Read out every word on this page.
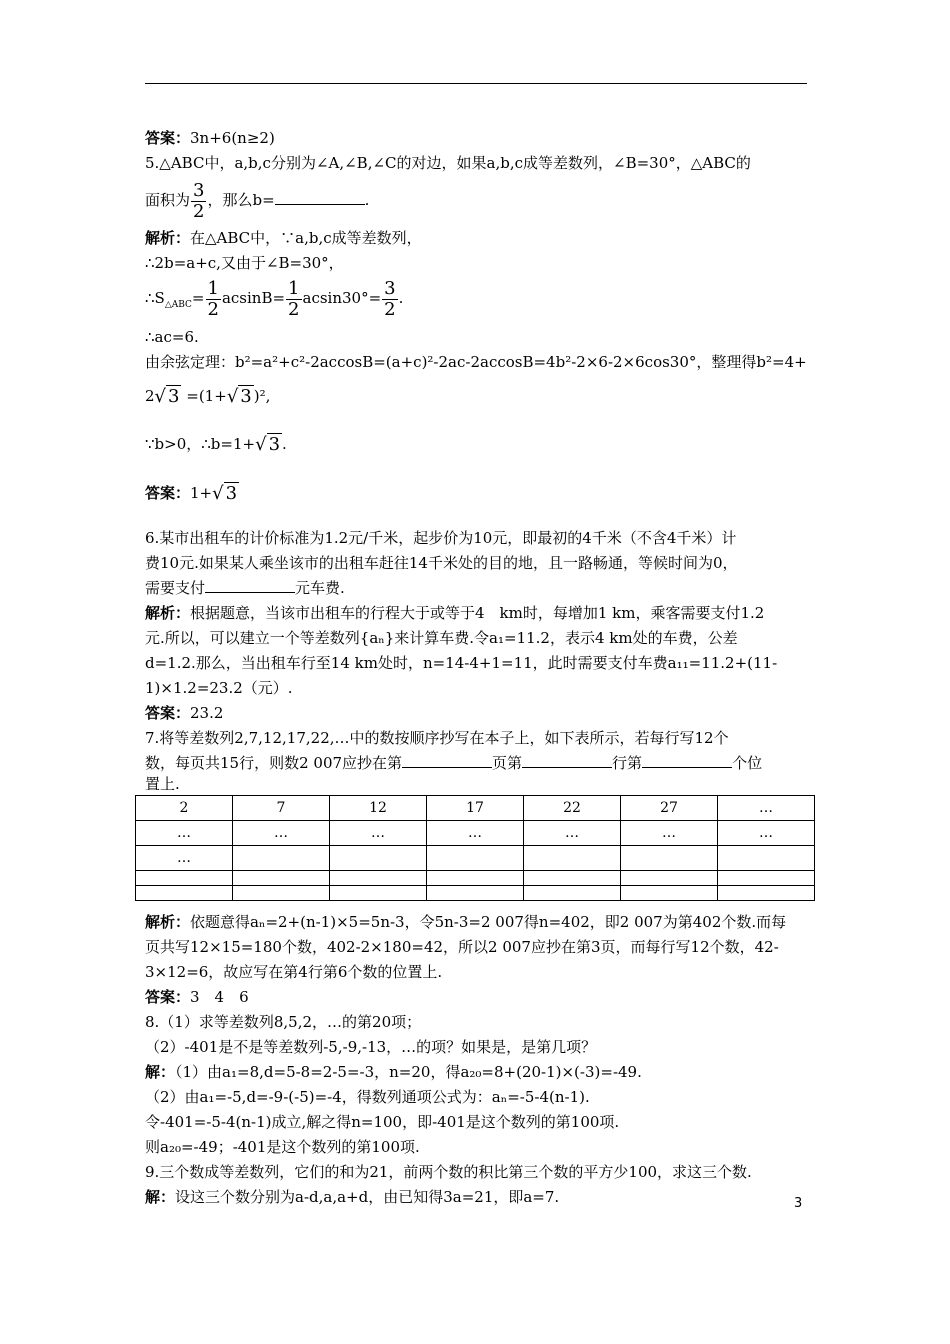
答案：3n+6(n≥2)
5.△ABC中，a,b,c分别为∠A,∠B,∠C的对边，如果a,b,c成等差数列，∠B=30°，△ABC的
面积为 $\frac{3}{2}$ ，那么b=	.
解析：在△ABC中，∵a,b,c成等差数列，
∴2b=a+c,又由于∠B=30°，
$\therefore S_{\triangle ABC}= \frac{1}{2} acsinB= \frac{1}{2} acsin30^\circ= \frac{3}{2}$ .
∴ac=6.
由余弦定理：b²=a²+c²-2accosB=(a+c)²-2ac-2accosB=4b²-2×6-2×6cos30°，整理得b²=4+
2√ 3 =(1+√ 3 )²,
∵b>0，∴b=1+√ 3 .
答案：1+√ 3
6.某市出租车的计价标准为1.2元/千米，起步价为10元，即最初的4千米（不含4千米）计
费10元.如果某人乘坐该市的出租车赶往14千米处的目的地，且一路畅通，等候时间为0，
需要支付	元车费.
解析：根据题意，当该市出租车的行程大于或等于4　km时，每增加1 km，乘客需要支付1.2
元.所以，可以建立一个等差数列{aₙ}来计算车费.令a₁=11.2，表示4 km处的车费，公差
d=1.2.那么，当出租车行至14 km处时，n=14-4+1=11，此时需要支付车费a₁₁=11.2+(11-
1)×1.2=23.2（元）.
答案：23.2
7.将等差数列2,7,12,17,22,…中的数按顺序抄写在本子上，如下表所示，若每行写12个
数，每页共15行，则数2 007应抄在第	页第	行第	个位
置上.
2	7	12	17	22	27	…
…	…	…	…	…	…	…
…						

解析：依题意得aₙ=2+(n-1)×5=5n-3，令5n-3=2 007得n=402，即2 007为第402个数.而每
页共写12×15=180个数，402-2×180=42，所以2 007应抄在第3页，而每行写12个数，42-
3×12=6，故应写在第4行第6个数的位置上.
答案：3　4　6
8.（1）求等差数列8,5,2，…的第20项；
（2）-401是不是等差数列-5,-9,-13，…的项？如果是，是第几项？
解：（1）由a₁=8,d=5-8=2-5=-3，n=20，得a₂₀=8+(20-1)×(-3)=-49.
（2）由a₁=-5,d=-9-(-5)=-4，得数列通项公式为：aₙ=-5-4(n-1).
令-401=-5-4(n-1)成立,解之得n=100，即-401是这个数列的第100项.
则a₂₀=-49；-401是这个数列的第100项.
9.三个数成等差数列，它们的和为21，前两个数的积比第三个数的平方少100，求这三个数.
解：设这三个数分别为a-d,a,a+d，由已知得3a=21，即a=7.	3
